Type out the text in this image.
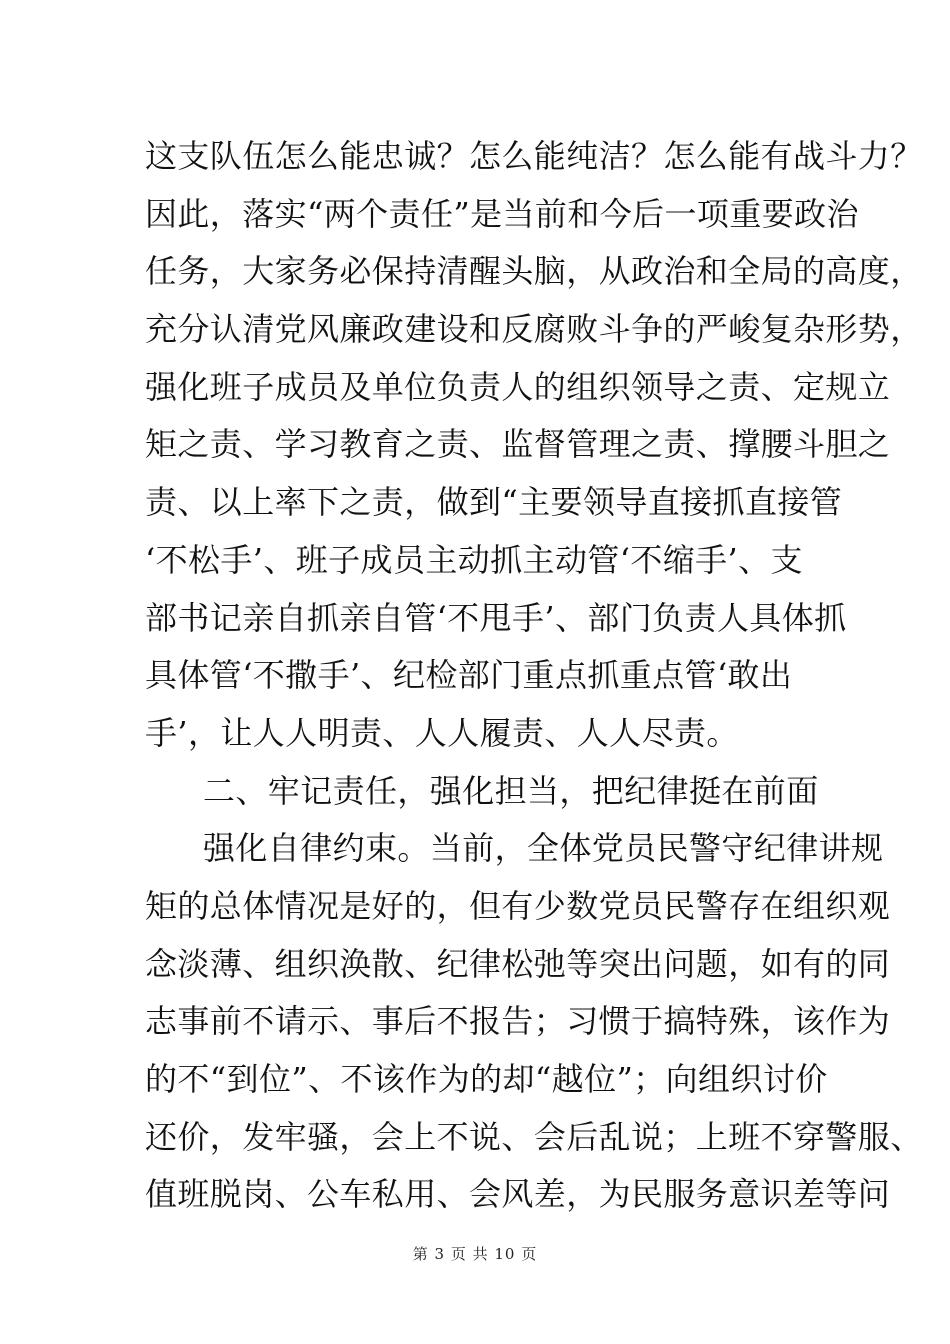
这支队伍怎么能忠诚？怎么能纯洁？怎么能有战斗力？
因此，落实“两个责任”是当前和今后一项重要政治
任务，大家务必保持清醒头脑，从政治和全局的高度，
充分认清党风廉政建设和反腐败斗争的严峻复杂形势，
强化班子成员及单位负责人的组织领导之责、定规立
矩之责、学习教育之责、监督管理之责、撑腰斗胆之
责、以上率下之责，做到“主要领导直接抓直接管
‘不松手’、班子成员主动抓主动管‘不缩手’、支
部书记亲自抓亲自管‘不甩手’、部门负责人具体抓
具体管‘不撒手’、纪检部门重点抓重点管‘敢出
手’，让人人明责、人人履责、人人尽责。
二、牢记责任，强化担当，把纪律挺在前面
强化自律约束。当前，全体党员民警守纪律讲规
矩的总体情况是好的，但有少数党员民警存在组织观
念淡薄、组织涣散、纪律松弛等突出问题，如有的同
志事前不请示、事后不报告；习惯于搞特殊，该作为
的不“到位”、不该作为的却“越位”；向组织讨价
还价，发牢骚，会上不说、会后乱说；上班不穿警服、
值班脱岗、公车私用、会风差，为民服务意识差等问
第 3 页 共 10 页
